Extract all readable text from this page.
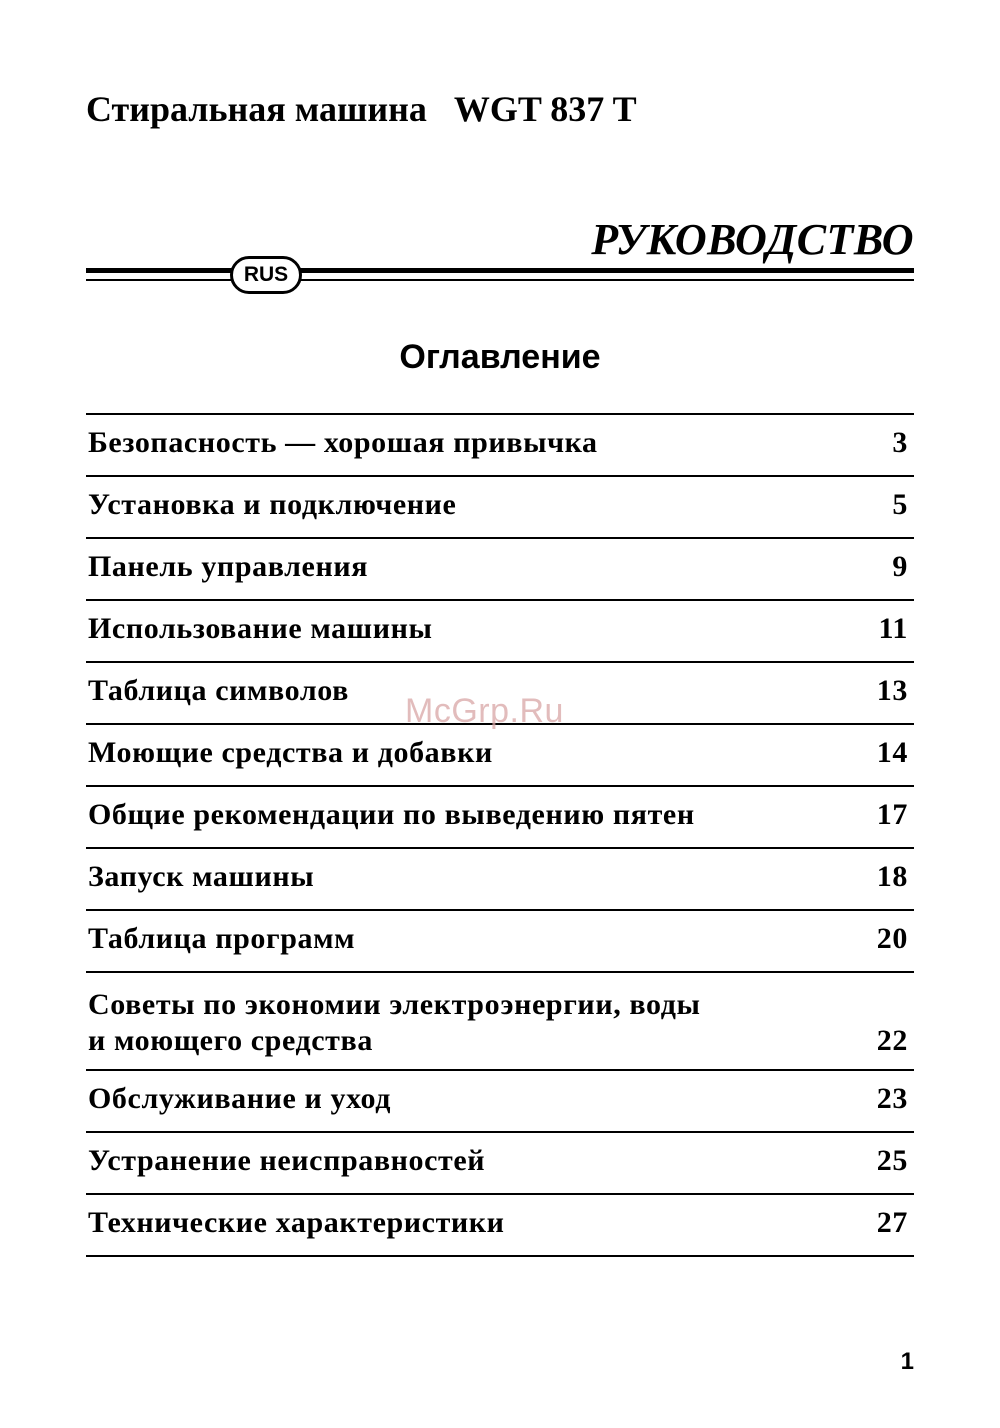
Стиральная машина   WGT 837 T
РУКОВОДСТВО
RUS
Оглавление
Безопасность — хорошая привычка	3
Установка и подключение	5
Панель управления	9
Использование машины	11
Таблица символов	13
Моющие средства и добавки	14
Общие рекомендации по выведению пятен	17
Запуск машины	18
Таблица программ	20
Советы по экономии электроэнергии, воды
и моющего средства	22
Обслуживание и уход	23
Устранение неисправностей	25
Технические характеристики	27
McGrp.Ru
1
